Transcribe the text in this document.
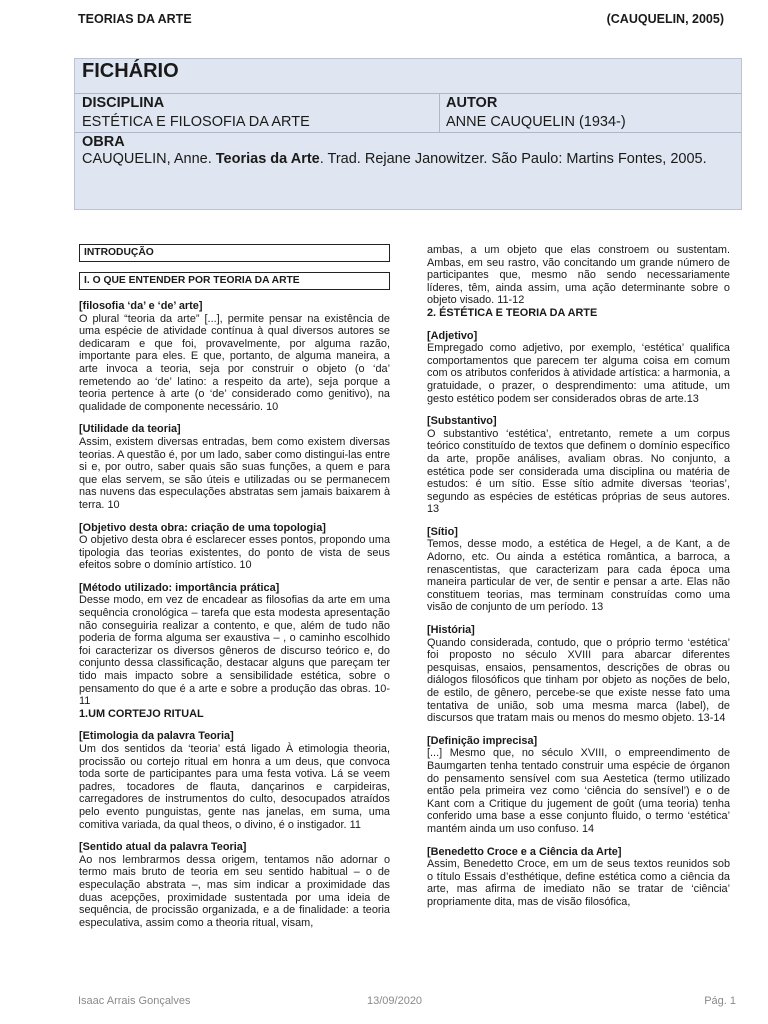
TEORIAS DA ARTE	(CAUQUELIN, 2005)
FICHÁRIO
DISCIPLINA
ESTÉTICA E FILOSOFIA DA ARTE
AUTOR
ANNE CAUQUELIN (1934-)
OBRA
CAUQUELIN, Anne. Teorias da Arte. Trad. Rejane Janowitzer. São Paulo: Martins Fontes, 2005.
INTRODUÇÃO
I. O QUE ENTENDER POR TEORIA DA ARTE

[filosofia ‘da’ e ‘de’ arte]

O plural “teoria da arte” [...], permite pensar na existência de uma espécie de atividade contínua à qual diversos autores se dedicaram e que foi, provavelmente, por alguma razão, importante para eles. E que, portanto, de alguma maneira, a arte invoca a teoria, seja por construir o objeto (o ‘da’ remetendo ao ‘de’ latino: a respeito da arte), seja porque a teoria pertence à arte (o ‘de’ considerado como genitivo), na qualidade de componente necessário. 10

[Utilidade da teoria]

Assim, existem diversas entradas, bem como existem diversas teorias. A questão é, por um lado, saber como distingui-las entre si e, por outro, saber quais são suas funções, a quem e para que elas servem, se são úteis e utilizadas ou se permanecem nas nuvens das especulações abstratas sem jamais baixarem à terra. 10

[Objetivo desta obra: criação de uma topologia]

O objetivo desta obra é esclarecer esses pontos, propondo uma tipologia das teorias existentes, do ponto de vista de seus efeitos sobre o domínio artístico. 10

[Método utilizado: importância prática]

Desse modo, em vez de encadear as filosofias da arte em uma sequência cronológica – tarefa que esta modesta apresentação não conseguiria realizar a contento, e que, além de tudo não poderia de forma alguma ser exaustiva – , o caminho escolhido foi caracterizar os diversos gêneros de discurso teórico e, do conjunto dessa classificação, destacar alguns que pareçam ter tido mais impacto sobre a sensibilidade estética, sobre o pensamento do que é a arte e sobre a produção das obras. 10-11

1.UM CORTEJO RITUAL

[Etimologia da palavra Teoria]

Um dos sentidos da ‘teoria’ está ligado À etimologia theoria, procissão ou cortejo ritual em honra a um deus, que convoca toda sorte de participantes para uma festa votiva. Lá se veem padres, tocadores de flauta, dançarinos e carpideiras, carregadores de instrumentos do culto, desocupados atraídos pelo evento punguistas, gente nas janelas, em suma, uma comitiva variada, da qual theos, o divino, é o instigador. 11

[Sentido atual da palavra Teoria]

Ao nos lembrarmos dessa origem, tentamos não adornar o termo mais bruto de teoria em seu sentido habitual – o de especulação abstrata –, mas sim indicar a proximidade das duas acepções, proximidade sustentada por uma ideia de sequência, de procissão organizada, e a de finalidade: a teoria especulativa, assim como a theoria ritual, visam,

ambas, a um objeto que elas constroem ou sustentam. Ambas, em seu rastro, vão concitando um grande número de participantes que, mesmo não sendo necessariamente líderes, têm, ainda assim, uma ação determinante sobre o objeto visado. 11-12

2. ÉSTÉTICA E TEORIA DA ARTE

[Adjetivo]

Empregado como adjetivo, por exemplo, ‘estética’ qualifica comportamentos que parecem ter alguma coisa em comum com os atributos conferidos à atividade artística: a harmonia, a gratuidade, o prazer, o desprendimento: uma atitude, um gesto estético podem ser considerados obras de arte.13

[Substantivo]

O substantivo ‘estética’, entretanto, remete a um corpus teórico constituído de textos que definem o domínio específico da arte, propõe análises, avaliam obras. No conjunto, a estética pode ser considerada uma disciplina ou matéria de estudos: é um sítio. Esse sítio admite diversas ‘teorias’, segundo as espécies de estéticas próprias de seus autores. 13

[Sítio]

Temos, desse modo, a estética de Hegel, a de Kant, a de Adorno, etc. Ou ainda a estética romântica, a barroca, a renascentistas, que caracterizam para cada época uma maneira particular de ver, de sentir e pensar a arte. Elas não constituem teorias, mas terminam construídas como uma visão de conjunto de um período. 13

[História]

Quando considerada, contudo, que o próprio termo ‘estética’ foi proposto no século XVIII para abarcar diferentes pesquisas, ensaios, pensamentos, descrições de obras ou diálogos filosóficos que tinham por objeto as noções de belo, de estilo, de gênero, percebe-se que existe nesse fato uma tentativa de união, sob uma mesma marca (label), de discursos que tratam mais ou menos do mesmo objeto. 13-14

[Definição imprecisa]

[...] Mesmo que, no século XVIII, o empreendimento de Baumgarten tenha tentado construir uma espécie de órganon do pensamento sensível com sua Aestetica (termo utilizado então pela primeira vez como ‘ciência do sensível’) e o de Kant com a Critique du jugement de goût (uma teoria) tenha conferido uma base a esse conjunto fluido, o termo ‘estética’ mantém ainda um uso confuso. 14

[Benedetto Croce e a Ciência da Arte]

Assim, Benedetto Croce, em um de seus textos reunidos sob o título Essais d’esthétique, define estética como a ciência da arte, mas afirma de imediato não se tratar de ‘ciência’ propriamente dita, mas de visão filosófica,

Isaac Arrais Gonçalves	13/09/2020	Pág. 1
